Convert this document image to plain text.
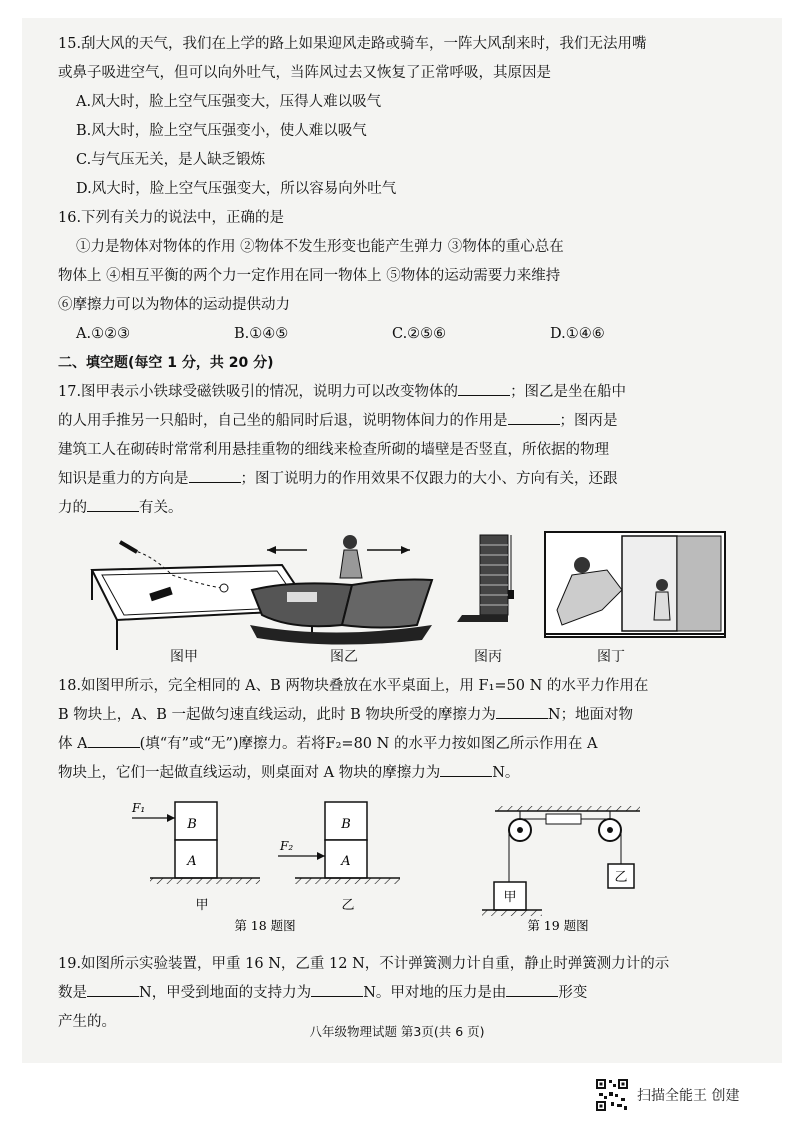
15.刮大风的天气，我们在上学的路上如果迎风走路或骑车，一阵大风刮来时，我们无法用嘴
或鼻子吸进空气，但可以向外吐气，当阵风过去又恢复了正常呼吸，其原因是
A.风大时，脸上空气压强变大，压得人难以吸气
B.风大时，脸上空气压强变小，使人难以吸气
C.与气压无关，是人缺乏锻炼
D.风大时，脸上空气压强变大，所以容易向外吐气
16.下列有关力的说法中，正确的是
①力是物体对物体的作用 ②物体不发生形变也能产生弹力 ③物体的重心总在
物体上 ④相互平衡的两个力一定作用在同一物体上 ⑤物体的运动需要力来维持
⑥摩擦力可以为物体的运动提供动力
A.①②③	B.①④⑤	C.②⑤⑥	D.①④⑥
二、填空题(每空 1 分，共 20 分)
17.图甲表示小铁球受磁铁吸引的情况，说明力可以改变物体的	；图乙是坐在船中
的人用手推另一只船时，自己坐的船同时后退，说明物体间力的作用是	；图丙是
建筑工人在砌砖时常常利用悬挂重物的细线来检查所砌的墙壁是否竖直，所依据的物理
知识是重力的方向是	；图丁说明力的作用效果不仅跟力的大小、方向有关，还跟
力的	有关。
图甲	图乙	图丙	图丁
18.如图甲所示，完全相同的 A、B 两物块叠放在水平桌面上，用 F₁=50 N 的水平力作用在
B 物块上，A、B 一起做匀速直线运动，此时 B 物块所受的摩擦力为	N；地面对物
体 A	(填“有”或“无”)摩擦力。若将F₂=80 N 的水平力按如图乙所示作用在 A
物块上，它们一起做直线运动，则桌面对 A 物块的摩擦力为	N。
B
A
F₁
甲
B
A
F₂
乙
甲
乙
第 18 题图	第 19 题图
19.如图所示实验装置，甲重 16 N，乙重 12 N，不计弹簧测力计自重，静止时弹簧测力计的示
数是	N，甲受到地面的支持力为	N。甲对地的压力是由	形变
产生的。
八年级物理试题 第3页(共 6 页)
扫描全能王 创建
